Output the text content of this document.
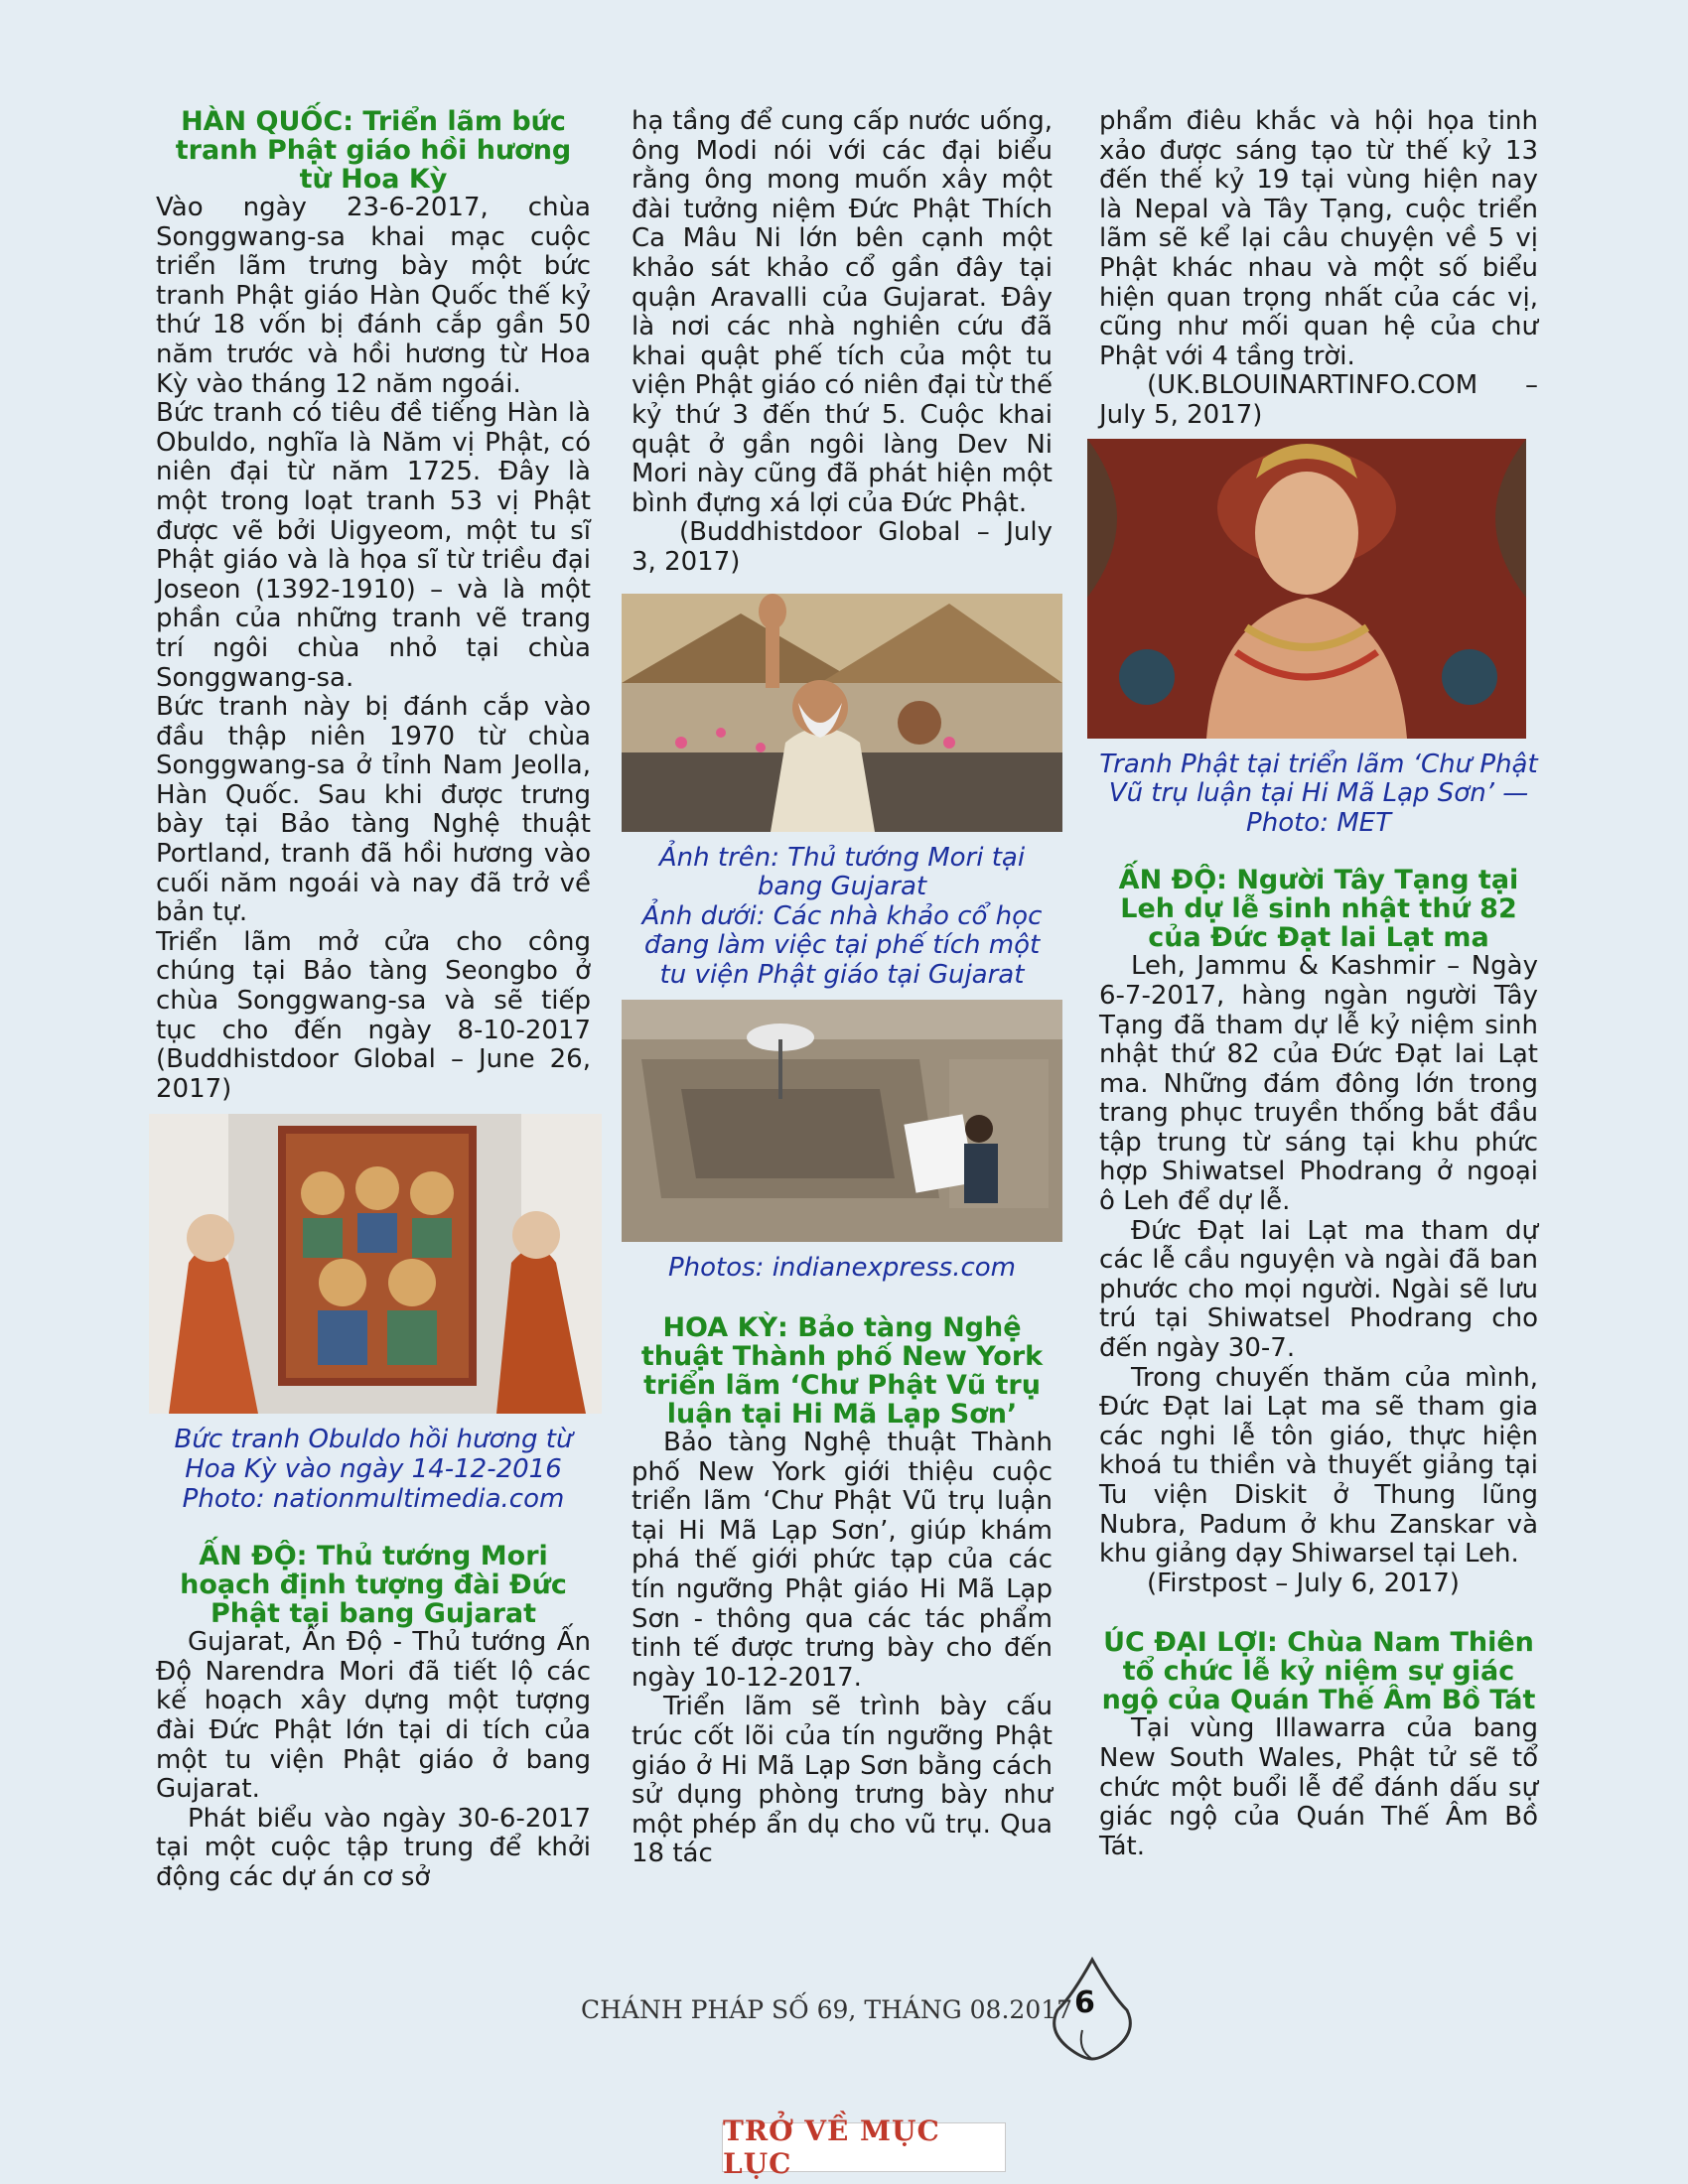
HÀN QUỐC: Triển lãm bức tranh Phật giáo hồi hương từ Hoa Kỳ

Vào ngày 23-6-2017, chùa Songgwang-sa khai mạc cuộc triển lãm trưng bày một bức tranh Phật giáo Hàn Quốc thế kỷ thứ 18 vốn bị đánh cắp gần 50 năm trước và hồi hương từ Hoa Kỳ vào tháng 12 năm ngoái.

Bức tranh có tiêu đề tiếng Hàn là Obuldo, nghĩa là Năm vị Phật, có niên đại từ năm 1725. Đây là một trong loạt tranh 53 vị Phật được vẽ bởi Uigyeom, một tu sĩ Phật giáo và là họa sĩ từ triều đại Joseon (1392-1910) – và là một phần của những tranh vẽ trang trí ngôi chùa nhỏ tại chùa Songgwang-sa.

Bức tranh này bị đánh cắp vào đầu thập niên 1970 từ chùa Songgwang-sa ở tỉnh Nam Jeolla, Hàn Quốc. Sau khi được trưng bày tại Bảo tàng Nghệ thuật Portland, tranh đã hồi hương vào cuối năm ngoái và nay đã trở về bản tự.

Triển lãm mở cửa cho công chúng tại Bảo tàng Seongbo ở chùa Songgwang-sa và sẽ tiếp tục cho đến ngày 8-10-2017 (Buddhistdoor Global – June 26, 2017)

Bức tranh Obuldo hồi hương từ Hoa Kỳ vào ngày 14-12-2016 Photo: nationmultimedia.com

ẤN ĐỘ: Thủ tướng Mori hoạch định tượng đài Đức Phật tại bang Gujarat

Gujarat, Ấn Độ - Thủ tướng Ấn Độ Narendra Mori đã tiết lộ các kế hoạch xây dựng một tượng đài Đức Phật lớn tại di tích của một tu viện Phật giáo ở bang Gujarat.

Phát biểu vào ngày 30-6-2017 tại một cuộc tập trung để khởi động các dự án cơ sở

hạ tầng để cung cấp nước uống, ông Modi nói với các đại biểu rằng ông mong muốn xây một đài tưởng niệm Đức Phật Thích Ca Mâu Ni lớn bên cạnh một khảo sát khảo cổ gần đây tại quận Aravalli của Gujarat. Đây là nơi các nhà nghiên cứu đã khai quật phế tích của một tu viện Phật giáo có niên đại từ thế kỷ thứ 3 đến thứ 5. Cuộc khai quật ở gần ngôi làng Dev Ni Mori này cũng đã phát hiện một bình đựng xá lợi của Đức Phật.

(Buddhistdoor Global – July 3, 2017)

Ảnh trên: Thủ tướng Mori tại bang Gujarat

Ảnh dưới: Các nhà khảo cổ học đang làm việc tại phế tích một tu viện Phật giáo tại Gujarat

Photos: indianexpress.com

HOA KỲ: Bảo tàng Nghệ thuật Thành phố New York triển lãm ‘Chư Phật Vũ trụ luận tại Hi Mã Lạp Sơn’

Bảo tàng Nghệ thuật Thành phố New York giới thiệu cuộc triển lãm ‘Chư Phật Vũ trụ luận tại Hi Mã Lạp Sơn’, giúp khám phá thế giới phức tạp của các tín ngưỡng Phật giáo Hi Mã Lạp Sơn - thông qua các tác phẩm tinh tế được trưng bày cho đến ngày 10-12-2017.

Triển lãm sẽ trình bày cấu trúc cốt lõi của tín ngưỡng Phật giáo ở Hi Mã Lạp Sơn bằng cách sử dụng phòng trưng bày như một phép ẩn dụ cho vũ trụ. Qua 18 tác

phẩm điêu khắc và hội họa tinh xảo được sáng tạo từ thế kỷ 13 đến thế kỷ 19 tại vùng hiện nay là Nepal và Tây Tạng, cuộc triển lãm sẽ kể lại câu chuyện về 5 vị Phật khác nhau và một số biểu hiện quan trọng nhất của các vị, cũng như mối quan hệ của chư Phật với 4 tầng trời.

(UK.BLOUINARTINFO.COM – July 5, 2017)

Tranh Phật tại triển lãm ‘Chư Phật Vũ trụ luận tại Hi Mã Lạp Sơn’ —Photo: MET

ẤN ĐỘ: Người Tây Tạng tại Leh dự lễ sinh nhật thứ 82 của Đức Đạt lai Lạt ma

Leh, Jammu & Kashmir – Ngày 6-7-2017, hàng ngàn người Tây Tạng đã tham dự lễ kỷ niệm sinh nhật thứ 82 của Đức Đạt lai Lạt ma. Những đám đông lớn trong trang phục truyền thống bắt đầu tập trung từ sáng tại khu phức hợp Shiwatsel Phodrang ở ngoại ô Leh để dự lễ.

Đức Đạt lai Lạt ma tham dự các lễ cầu nguyện và ngài đã ban phước cho mọi người. Ngài sẽ lưu trú tại Shiwatsel Phodrang cho đến ngày 30-7.

Trong chuyến thăm của mình, Đức Đạt lai Lạt ma sẽ tham gia các nghi lễ tôn giáo, thực hiện khoá tu thiền và thuyết giảng tại Tu viện Diskit ở Thung lũng Nubra, Padum ở khu Zanskar và khu giảng dạy Shiwarsel tại Leh.

(Firstpost – July 6, 2017)

ÚC ĐẠI LỢI: Chùa Nam Thiên tổ chức lễ kỷ niệm sự giác ngộ của Quán Thế Âm Bồ Tát

Tại vùng Illawarra của bang New South Wales, Phật tử sẽ tổ chức một buổi lễ để đánh dấu sự giác ngộ của Quán Thế Âm Bồ Tát.

CHÁNH PHÁP SỐ 69, THÁNG 08.2017 6
TRỞ VỀ MỤC LỤC
